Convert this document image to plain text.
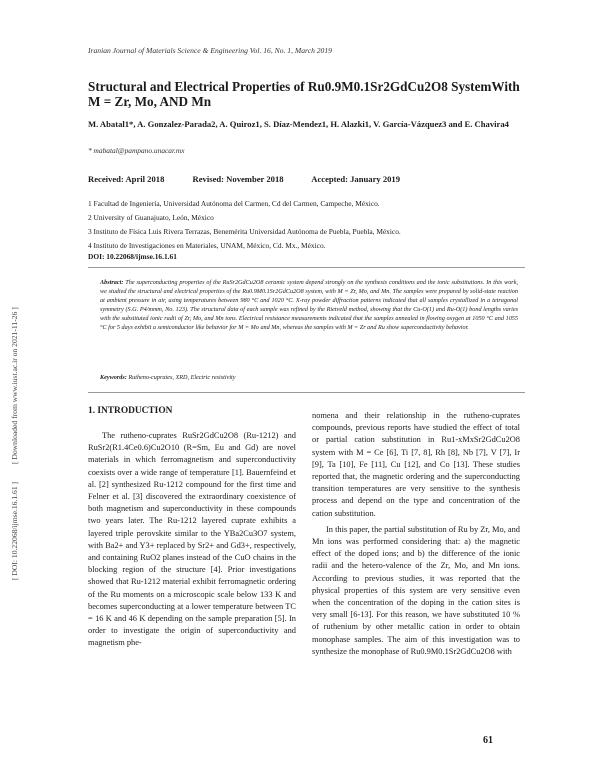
Iranian Journal of Materials Science & Engineering Vol. 16, No. 1, March 2019
Structural and Electrical Properties of Ru0.9M0.1Sr2GdCu2O8 SystemWith M = Zr, Mo, AND Mn
M. Abatal1*, A. Gonzalez-Parada2, A. Quiroz1, S. Díaz-Mendez1, H. Alazki1, V. García-Vázquez3 and E. Chavira4
* mabatal@pampano.unacar.mx
Received: April 2018	Revised: November 2018	Accepted: January 2019
1 Facultad de Ingeniería, Universidad Autónoma del Carmen, Cd del Carmen, Campeche, México.
2 University of Guanajuato, León, México
3 Instituto de Física Luis Rivera Terrazas, Benemérita Universidad Autónoma de Puebla, Puebla, México.
4 Instituto de Investigaciones en Materiales, UNAM, México, Cd. Mx., México.
DOI: 10.22068/ijmse.16.1.61
Abstract: The superconducting properties of the RuSr2GdCu2O8 ceramic system depend strongly on the synthesis conditions and the ionic substitutions. In this work, we studied the structural and electrical properties of the Ru0.9M0.1Sr2GdCu2O8 system, with M = Zr, Mo, and Mn. The samples were prepared by solid-state reaction at ambient pressure in air, using temperatures between 980 °C and 1020 °C. X-ray powder diffraction patterns indicated that all samples crystallized in a tetragonal symmetry (S.G. P4/mmm, No. 123). The structural data of each sample was refined by the Rietveld method, showing that the Cu-O(1) and Ru-O(1) bond lengths varies with the substituted ionic radii of Zr, Mo, and Mn ions. Electrical resistance measurements indicated that the samples annealed in flowing oxygen at 1050 °C and 1055 °C for 5 days exhibit a semiconductor like behavior for M = Mo and Mn, whereas the samples with M = Zr and Ru show superconductivity behavior.
Keywords: Rutheno-cuprates, XRD, Electric resistivity
1. INTRODUCTION

The rutheno-cuprates RuSr2GdCu2O8 (Ru-1212) and RuSr2(R1.4Ce0.6)Cu2O10 (R=Sm, Eu and Gd) are novel materials in which ferromagnetism and superconductivity coexists over a wide range of temperature [1]. Bauernfeind et al. [2] synthesized Ru-1212 compound for the first time and Felner et al. [3] discovered the extraordinary coexistence of both magnetism and superconductivity in these compounds two years later. The Ru-1212 layered cuprate exhibits a layered triple perovskite similar to the YBa2Cu3O7 system, with Ba2+ and Y3+ replaced by Sr2+ and Gd3+, respectively, and containing RuO2 planes instead of the CuO chains in the blocking region of the structure [4]. Prior investigations showed that Ru-1212 material exhibit ferromagnetic ordering of the Ru moments on a microscopic scale below 133 K and becomes superconducting at a lower temperature between TC = 16 K and 46 K depending on the sample preparation [5]. In order to investigate the origin of superconductivity and magnetism phe-

nomena and their relationship in the rutheno-cuprates compounds, previous reports have studied the effect of total or partial cation substitution in Ru1-xMxSr2GdCu2O8 system with M = Ce [6], Ti [7, 8], Rh [8], Nb [7], V [7], Ir [9], Ta [10], Fe [11], Cu [12], and Co [13]. These studies reported that, the magnetic ordering and the superconducting transition temperatures are very sensitive to the synthesis process and depend on the type and concentration of the cation substitution.

In this paper, the partial substitution of Ru by Zr, Mo, and Mn ions was performed considering that: a) the magnetic effect of the doped ions; and b) the difference of the ionic radii and the hetero-valence of the Zr, Mo, and Mn ions. According to previous studies, it was reported that the physical properties of this system are very sensitive even when the concentration of the doping in the cation sites is very small [6-13]. For this reason, we have substituted 10 % of ruthenium by other metallic cation in order to obtain monophase samples. The aim of this investigation was to synthesize the monophase of Ru0.9M0.1Sr2GdCu2O8 with

61
[ DOI: 10.22068/ijmse.16.1.61 ] [ Downloaded from www.iust.ac.ir on 2021-11-26 ]
